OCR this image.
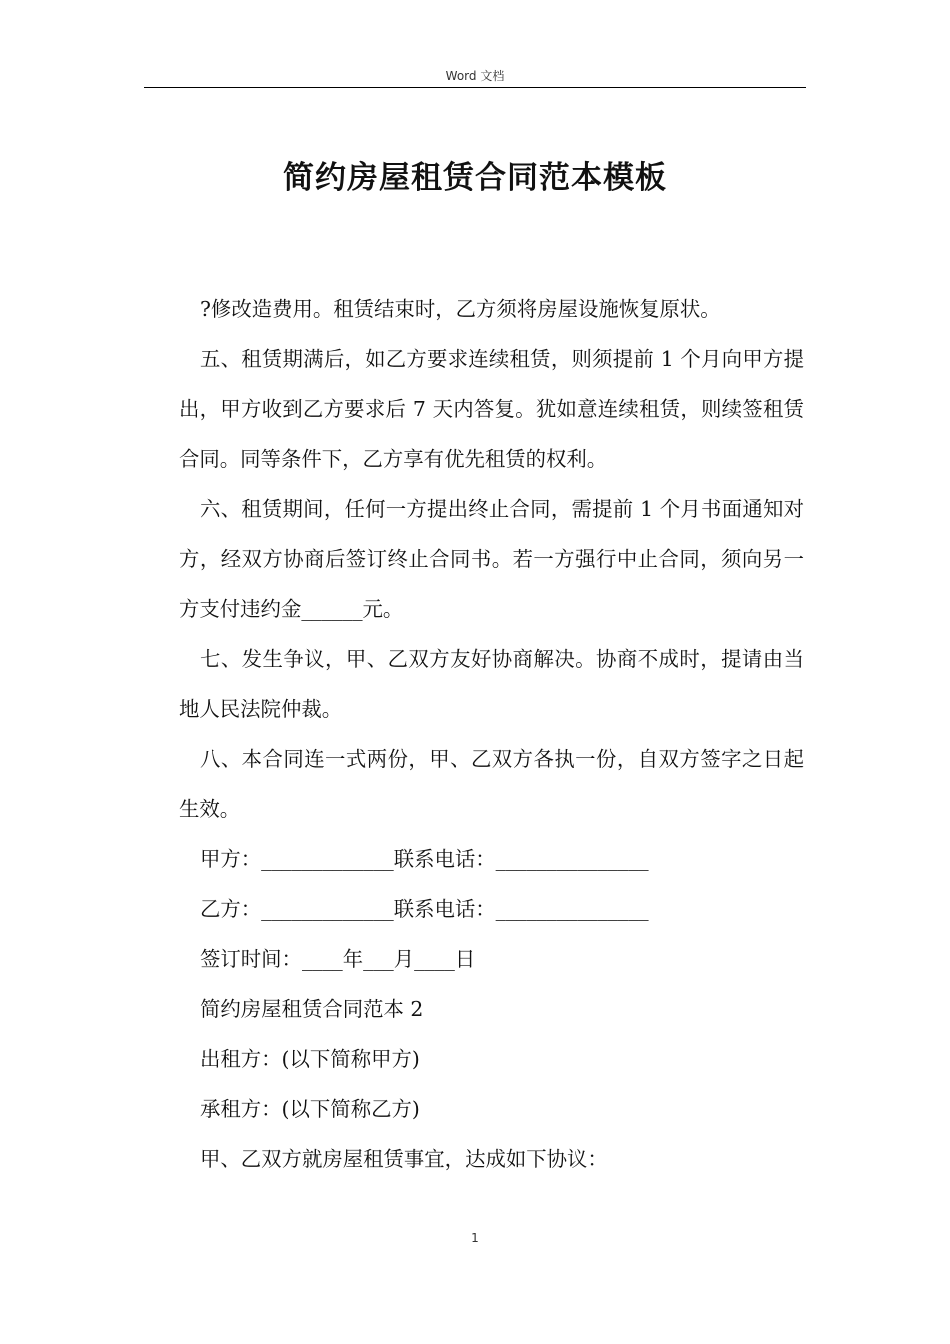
Word 文档
简约房屋租赁合同范本模板

?修改造费用。租赁结束时，乙方须将房屋设施恢复原状。

五、租赁期满后，如乙方要求连续租赁，则须提前 1 个月向甲方提出，甲方收到乙方要求后 7 天内答复。犹如意连续租赁，则续签租赁合同。同等条件下，乙方享有优先租赁的权利。

六、租赁期间，任何一方提出终止合同，需提前 1 个月书面通知对方，经双方协商后签订终止合同书。若一方强行中止合同，须向另一方支付违约金______元。

七、发生争议，甲、乙双方友好协商解决。协商不成时，提请由当地人民法院仲裁。

八、本合同连一式两份，甲、乙双方各执一份，自双方签字之日起生效。

甲方：_____________联系电话：_______________

乙方：_____________联系电话：_______________

签订时间：____年___月____日

简约房屋租赁合同范本 2

出租方：(以下简称甲方)

承租方：(以下简称乙方)

甲、乙双方就房屋租赁事宜，达成如下协议：

1
